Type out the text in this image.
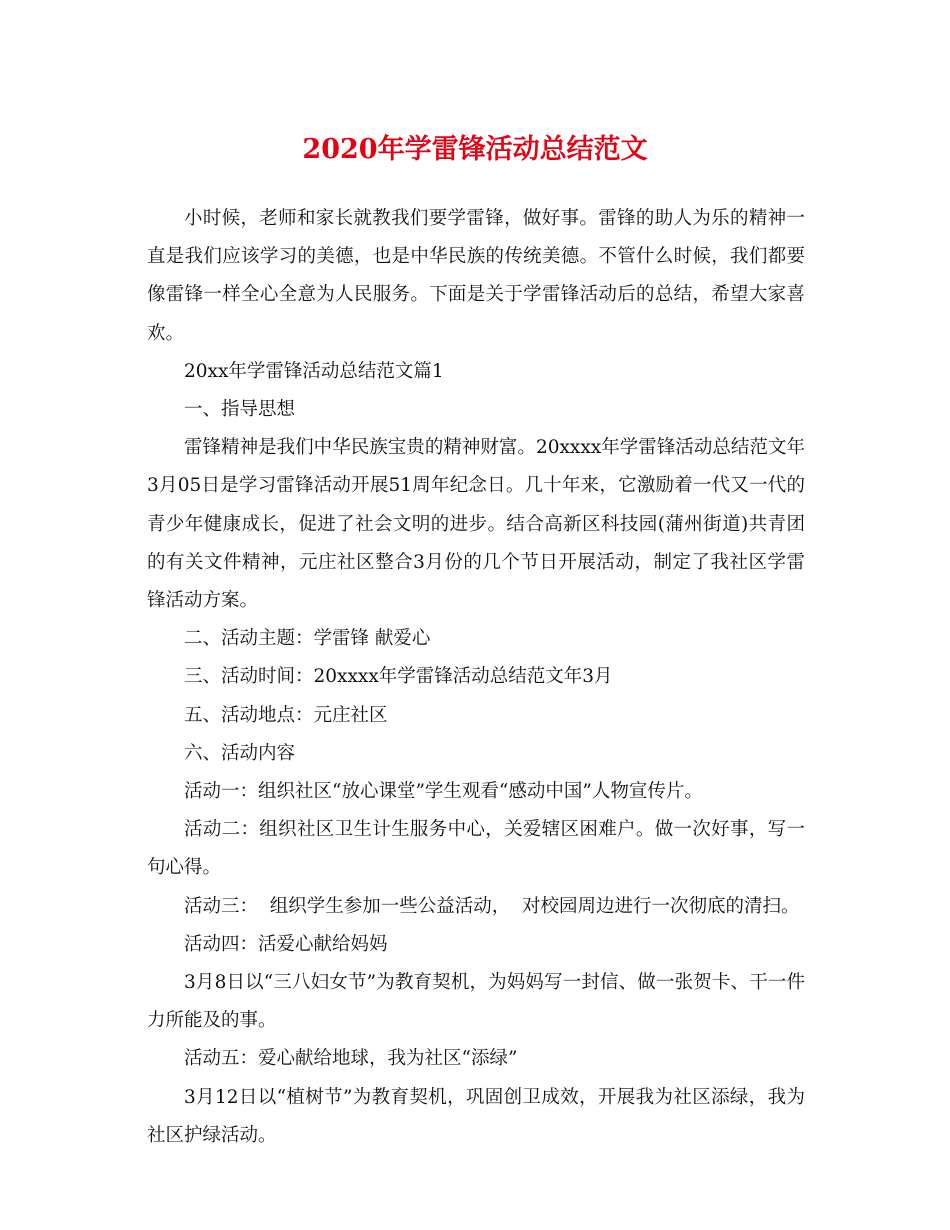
2020年学雷锋活动总结范文

小时候，老师和家长就教我们要学雷锋，做好事。雷锋的助人为乐的精神一直是我们应该学习的美德，也是中华民族的传统美德。不管什么时候，我们都要像雷锋一样全心全意为人民服务。下面是关于学雷锋活动后的总结，希望大家喜欢。

20xx年学雷锋活动总结范文篇1

一、指导思想

雷锋精神是我们中华民族宝贵的精神财富。20xxxx年学雷锋活动总结范文年3月05日是学习雷锋活动开展51周年纪念日。几十年来，它激励着一代又一代的青少年健康成长，促进了社会文明的进步。结合高新区科技园(蒲州街道)共青团的有关文件精神，元庄社区整合3月份的几个节日开展活动，制定了我社区学雷锋活动方案。

二、活动主题：学雷锋 献爱心

三、活动时间：20xxxx年学雷锋活动总结范文年3月

五、活动地点：元庄社区

六、活动内容

活动一：组织社区“放心课堂”学生观看“感动中国”人物宣传片。

活动二：组织社区卫生计生服务中心，关爱辖区困难户。做一次好事，写一句心得。

活动三：  组织学生参加一些公益活动，  对校园周边进行一次彻底的清扫。

活动四：活爱心献给妈妈

3月8日以“三八妇女节”为教育契机，为妈妈写一封信、做一张贺卡、干一件力所能及的事。

活动五：爱心献给地球，我为社区“添绿”

3月12日以“植树节”为教育契机，巩固创卫成效，开展我为社区添绿，我为社区护绿活动。
